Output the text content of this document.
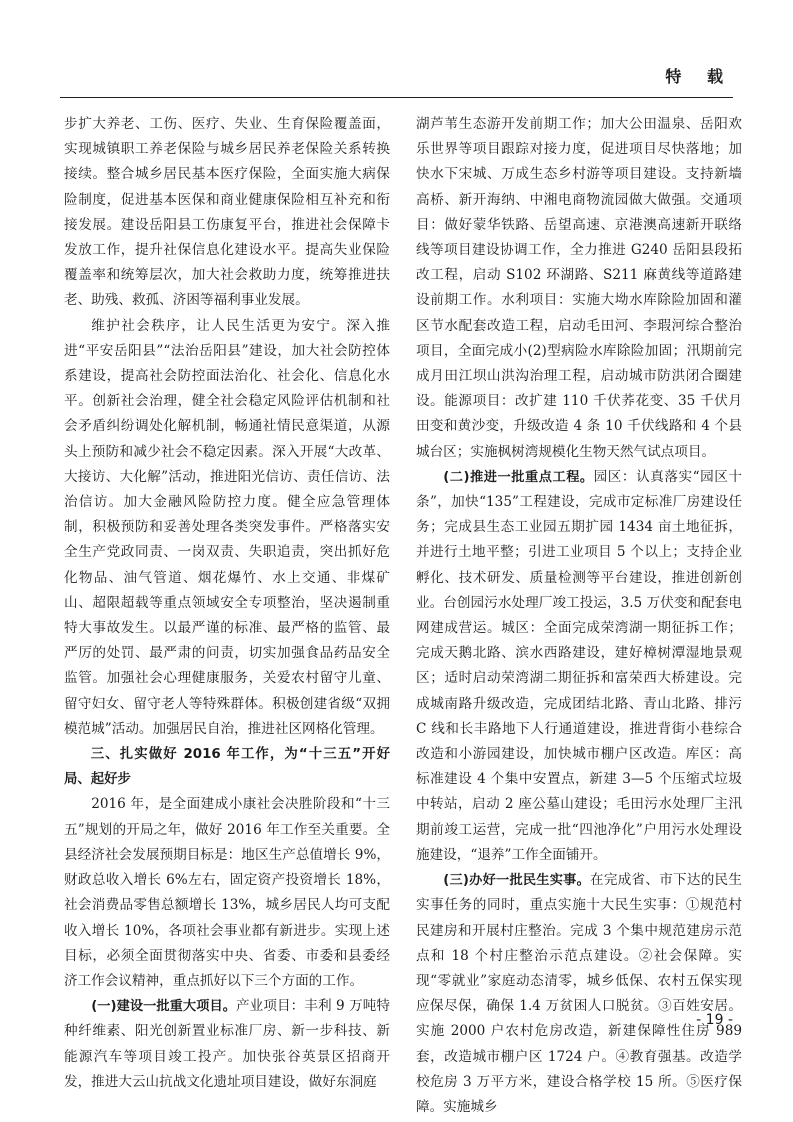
特 载

步扩大养老、工伤、医疗、失业、生育保险覆盖面，实现城镇职工养老保险与城乡居民养老保险关系转换接续。整合城乡居民基本医疗保险，全面实施大病保险制度，促进基本医保和商业健康保险相互补充和衔接发展。建设岳阳县工伤康复平台，推进社会保障卡发放工作，提升社保信息化建设水平。提高失业保险覆盖率和统筹层次，加大社会救助力度，统筹推进扶老、助残、救孤、济困等福利事业发展。

维护社会秩序，让人民生活更为安宁。深入推进“平安岳阳县”“法治岳阳县”建设，加大社会防控体系建设，提高社会防控面法治化、社会化、信息化水平。创新社会治理，健全社会稳定风险评估机制和社会矛盾纠纷调处化解机制，畅通社情民意渠道，从源头上预防和减少社会不稳定因素。深入开展“大改革、大接访、大化解”活动，推进阳光信访、责任信访、法治信访。加大金融风险防控力度。健全应急管理体制，积极预防和妥善处理各类突发事件。严格落实安全生产党政同责、一岗双责、失职追责，突出抓好危化物品、油气管道、烟花爆竹、水上交通、非煤矿山、超限超载等重点领域安全专项整治，坚决遏制重特大事故发生。以最严谨的标准、最严格的监管、最严厉的处罚、最严肃的问责，切实加强食品药品安全监管。加强社会心理健康服务，关爱农村留守儿童、留守妇女、留守老人等特殊群体。积极创建省级“双拥模范城”活动。加强居民自治，推进社区网格化管理。

三、扎实做好 2016 年工作，为“十三五”开好局、起好步

2016 年，是全面建成小康社会决胜阶段和“十三五”规划的开局之年，做好 2016 年工作至关重要。全县经济社会发展预期目标是：地区生产总值增长 9%，财政总收入增长 6%左右，固定资产投资增长 18%，社会消费品零售总额增长 13%，城乡居民人均可支配收入增长 10%，各项社会事业都有新进步。实现上述目标，必须全面贯彻落实中央、省委、市委和县委经济工作会议精神，重点抓好以下三个方面的工作。

(一)建设一批重大项目。产业项目：丰利 9 万吨特种纤维素、阳光创新置业标准厂房、新一步科技、新能源汽车等项目竣工投产。加快张谷英景区招商开发，推进大云山抗战文化遗址项目建设，做好东洞庭

湖芦苇生态游开发前期工作；加大公田温泉、岳阳欢乐世界等项目跟踪对接力度，促进项目尽快落地；加快水下宋城、万成生态乡村游等项目建设。支持新墙高桥、新开海纳、中湘电商物流园做大做强。交通项目：做好蒙华铁路、岳望高速、京港澳高速新开联络线等项目建设协调工作，全力推进 G240 岳阳县段拓改工程，启动 S102 环湖路、S211 麻黄线等道路建设前期工作。水利项目：实施大坳水库除险加固和灌区节水配套改造工程，启动毛田河、李瑕河综合整治项目，全面完成小(2)型病险水库除险加固；汛期前完成月田江坝山洪沟治理工程，启动城市防洪闭合圈建设。能源项目：改扩建 110 千伏荞花变、35 千伏月田变和黄沙变，升级改造 4 条 10 千伏线路和 4 个县城台区；实施枫树湾规模化生物天然气试点项目。

(二)推进一批重点工程。园区：认真落实“园区十条”，加快“135”工程建设，完成市定标准厂房建设任务；完成县生态工业园五期扩园 1434 亩土地征拆，并进行土地平整；引进工业项目 5 个以上；支持企业孵化、技术研发、质量检测等平台建设，推进创新创业。台创园污水处理厂竣工投运，3.5 万伏变和配套电网建成营运。城区：全面完成荣湾湖一期征拆工作；完成天鹅北路、滨水西路建设，建好樟树潭湿地景观区；适时启动荣湾湖二期征拆和富荣西大桥建设。完成城南路升级改造，完成团结北路、青山北路、排污 C 线和长丰路地下人行通道建设，推进背街小巷综合改造和小游园建设，加快城市棚户区改造。库区：高标准建设 4 个集中安置点，新建 3—5 个压缩式垃圾中转站，启动 2 座公墓山建设；毛田污水处理厂主汛期前竣工运营，完成一批“四池净化”户用污水处理设施建设，“退养”工作全面铺开。

(三)办好一批民生实事。在完成省、市下达的民生实事任务的同时，重点实施十大民生实事：①规范村民建房和开展村庄整治。完成 3 个集中规范建房示范点和 18 个村庄整治示范点建设。②社会保障。实现“零就业”家庭动态清零，城乡低保、农村五保实现应保尽保，确保 1.4 万贫困人口脱贫。③百姓安居。实施 2000 户农村危房改造，新建保障性住房 989 套，改造城市棚户区 1724 户。④教育强基。改造学校危房 3 万平方米，建设合格学校 15 所。⑤医疗保障。实施城乡

- 19 -
